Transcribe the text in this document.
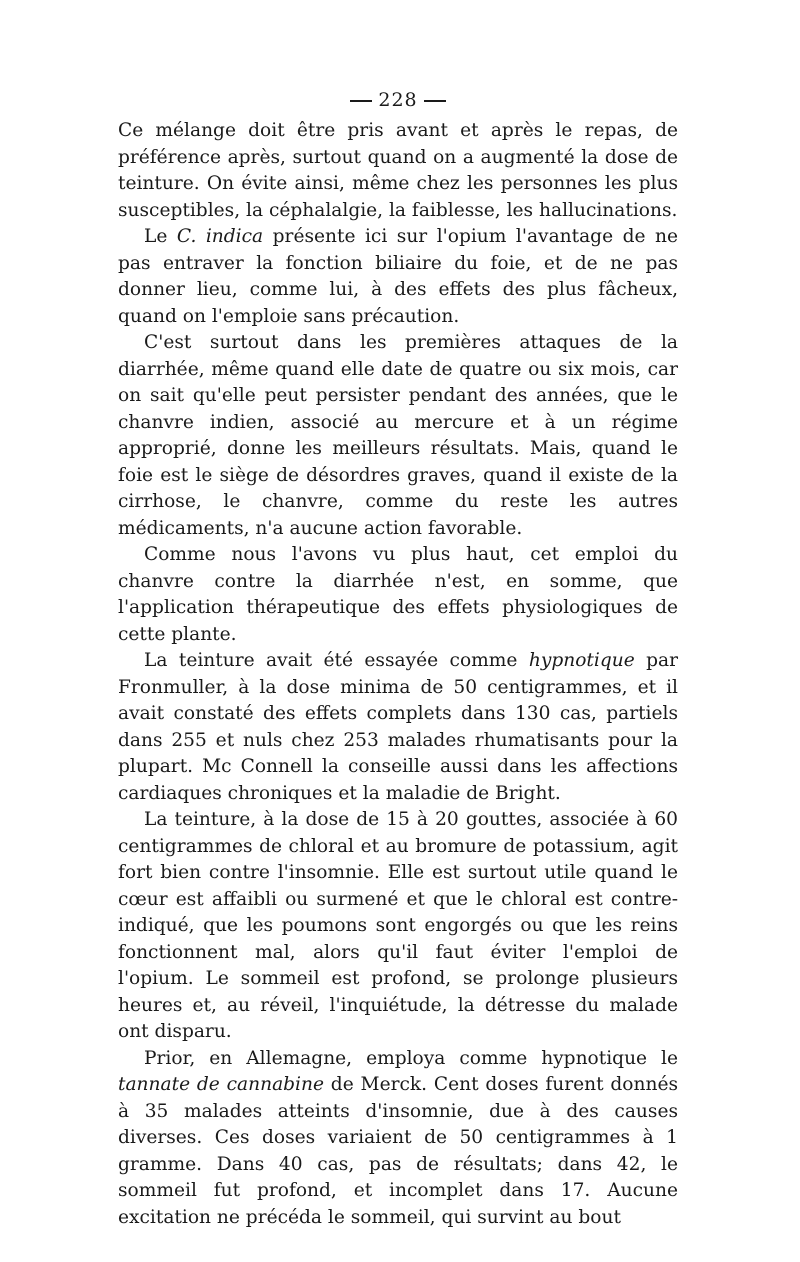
228

Ce mélange doit être pris avant et après le repas, de préférence après, surtout quand on a augmenté la dose de teinture. On évite ainsi, même chez les personnes les plus susceptibles, la céphalalgie, la faiblesse, les hallucinations.

Le C. indica présente ici sur l'opium l'avantage de ne pas entraver la fonction biliaire du foie, et de ne pas donner lieu, comme lui, à des effets des plus fâcheux, quand on l'emploie sans précaution.

C'est surtout dans les premières attaques de la diarrhée, même quand elle date de quatre ou six mois, car on sait qu'elle peut persister pendant des années, que le chanvre indien, associé au mercure et à un régime approprié, donne les meilleurs résultats. Mais, quand le foie est le siège de désordres graves, quand il existe de la cirrhose, le chanvre, comme du reste les autres médicaments, n'a aucune action favorable.

Comme nous l'avons vu plus haut, cet emploi du chanvre contre la diarrhée n'est, en somme, que l'application thérapeutique des effets physiologiques de cette plante.

La teinture avait été essayée comme hypnotique par Fronmuller, à la dose minima de 50 centigrammes, et il avait constaté des effets complets dans 130 cas, partiels dans 255 et nuls chez 253 malades rhumatisants pour la plupart. Mc Connell la conseille aussi dans les affections cardiaques chroniques et la maladie de Bright.

La teinture, à la dose de 15 à 20 gouttes, associée à 60 centigrammes de chloral et au bromure de potassium, agit fort bien contre l'insomnie. Elle est surtout utile quand le cœur est affaibli ou surmené et que le chloral est contre-indiqué, que les poumons sont engorgés ou que les reins fonctionnent mal, alors qu'il faut éviter l'emploi de l'opium. Le sommeil est profond, se prolonge plusieurs heures et, au réveil, l'inquiétude, la détresse du malade ont disparu.

Prior, en Allemagne, employa comme hypnotique le tannate de cannabine de Merck. Cent doses furent donnés à 35 malades atteints d'insomnie, due à des causes diverses. Ces doses variaient de 50 centigrammes à 1 gramme. Dans 40 cas, pas de résultats; dans 42, le sommeil fut profond, et incomplet dans 17. Aucune excitation ne précéda le sommeil, qui survint au bout
